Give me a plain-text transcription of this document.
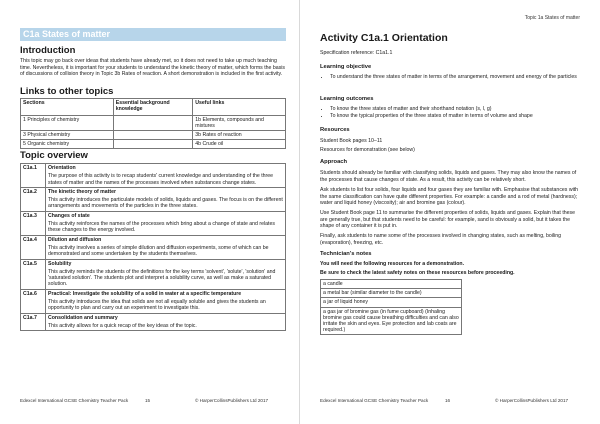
C1a States of matter
Introduction

This topic may go back over ideas that students have already met, so it does not need to take up much teaching time. Nevertheless, it is important for your students to understand the kinetic theory of matter, which forms the basis of discussions of collision theory in Topic 3b Rates of reaction. A short demonstration is included in the first activity.

Links to other topics
Sections	Essential background knowledge	Useful links
1 Principles of chemistry		1b Elements, compounds and mixtures
3 Physical chemistry		3b Rates of reaction
5 Organic chemistry		4b Crude oil
Topic overview
C1a.1	Orientation
The purpose of this activity is to recap students' current knowledge and understanding of the three states of matter and the names of the processes involved when substances change states.

C1a.2	The kinetic theory of matter
This activity introduces the particulate models of solids, liquids and gases. The focus is on the different arrangements and movements of the particles in the three states.

C1a.3	Changes of state
This activity reinforces the names of the processes which bring about a change of state and relates these changes to the energy involved.

C1a.4	Dilution and diffusion
This activity involves a series of simple dilution and diffusion experiments, some of which can be demonstrated and some undertaken by the students themselves.

C1a.5	Solubility
This activity reminds the students of the definitions for the key terms 'solvent', 'solute', 'solution' and 'saturated solution'. The students plot and interpret a solubility curve, as well as make a saturated solution.

C1a.6	Practical: Investigate the solubility of a solid in water at a specific temperature
This activity introduces the idea that solids are not all equally soluble and gives the students an opportunity to plan and carry out an experiment to investigate this.

C1a.7	Consolidation and summary
This activity allows for a quick recap of the key ideas of the topic.
Edexcel International GCSE Chemistry Teacher Pack	15	© HarperCollinsPublishers Ltd 2017
Topic 1a States of matter
Activity C1a.1 Orientation

Specification reference: C1a1.1

Learning objective
• To understand the three states of matter in terms of the arrangement, movement and energy of the particles
Learning outcomes
• To know the three states of matter and their shorthand notation (s, l, g)
• To know the typical properties of the three states of matter in terms of volume and shape
Resources

Student Book pages 10–11

Resources for demonstration (see below)

Approach

Students should already be familiar with classifying solids, liquids and gases. They may also know the names of the processes that cause changes of state. As a result, this activity can be relatively short.

Ask students to list four solids, four liquids and four gases they are familiar with. Emphasise that substances with the same classification can have quite different properties. For example: a candle and a rod of metal (hardness); water and liquid honey (viscosity); air and bromine gas (colour).

Use Student Book page 11 to summarise the different properties of solids, liquids and gases. Explain that these are generally true, but that students need to be careful: for example, sand is obviously a solid, but it takes the shape of any container it is put in.

Finally, ask students to name some of the processes involved in changing states, such as melting, boiling (evaporation), freezing, etc.

Technician's notes

You will need the following resources for a demonstration.

Be sure to check the latest safety notes on these resources before proceeding.

a candle
a metal bar (similar diameter to the candle)
a jar of liquid honey
a gas jar of bromine gas (in fume cupboard) (Inhaling bromine gas could cause breathing difficulties and can also irritate the skin and eyes. Eye protection and lab coats are required.)
Edexcel International GCSE Chemistry Teacher Pack	16	© HarperCollinsPublishers Ltd 2017
